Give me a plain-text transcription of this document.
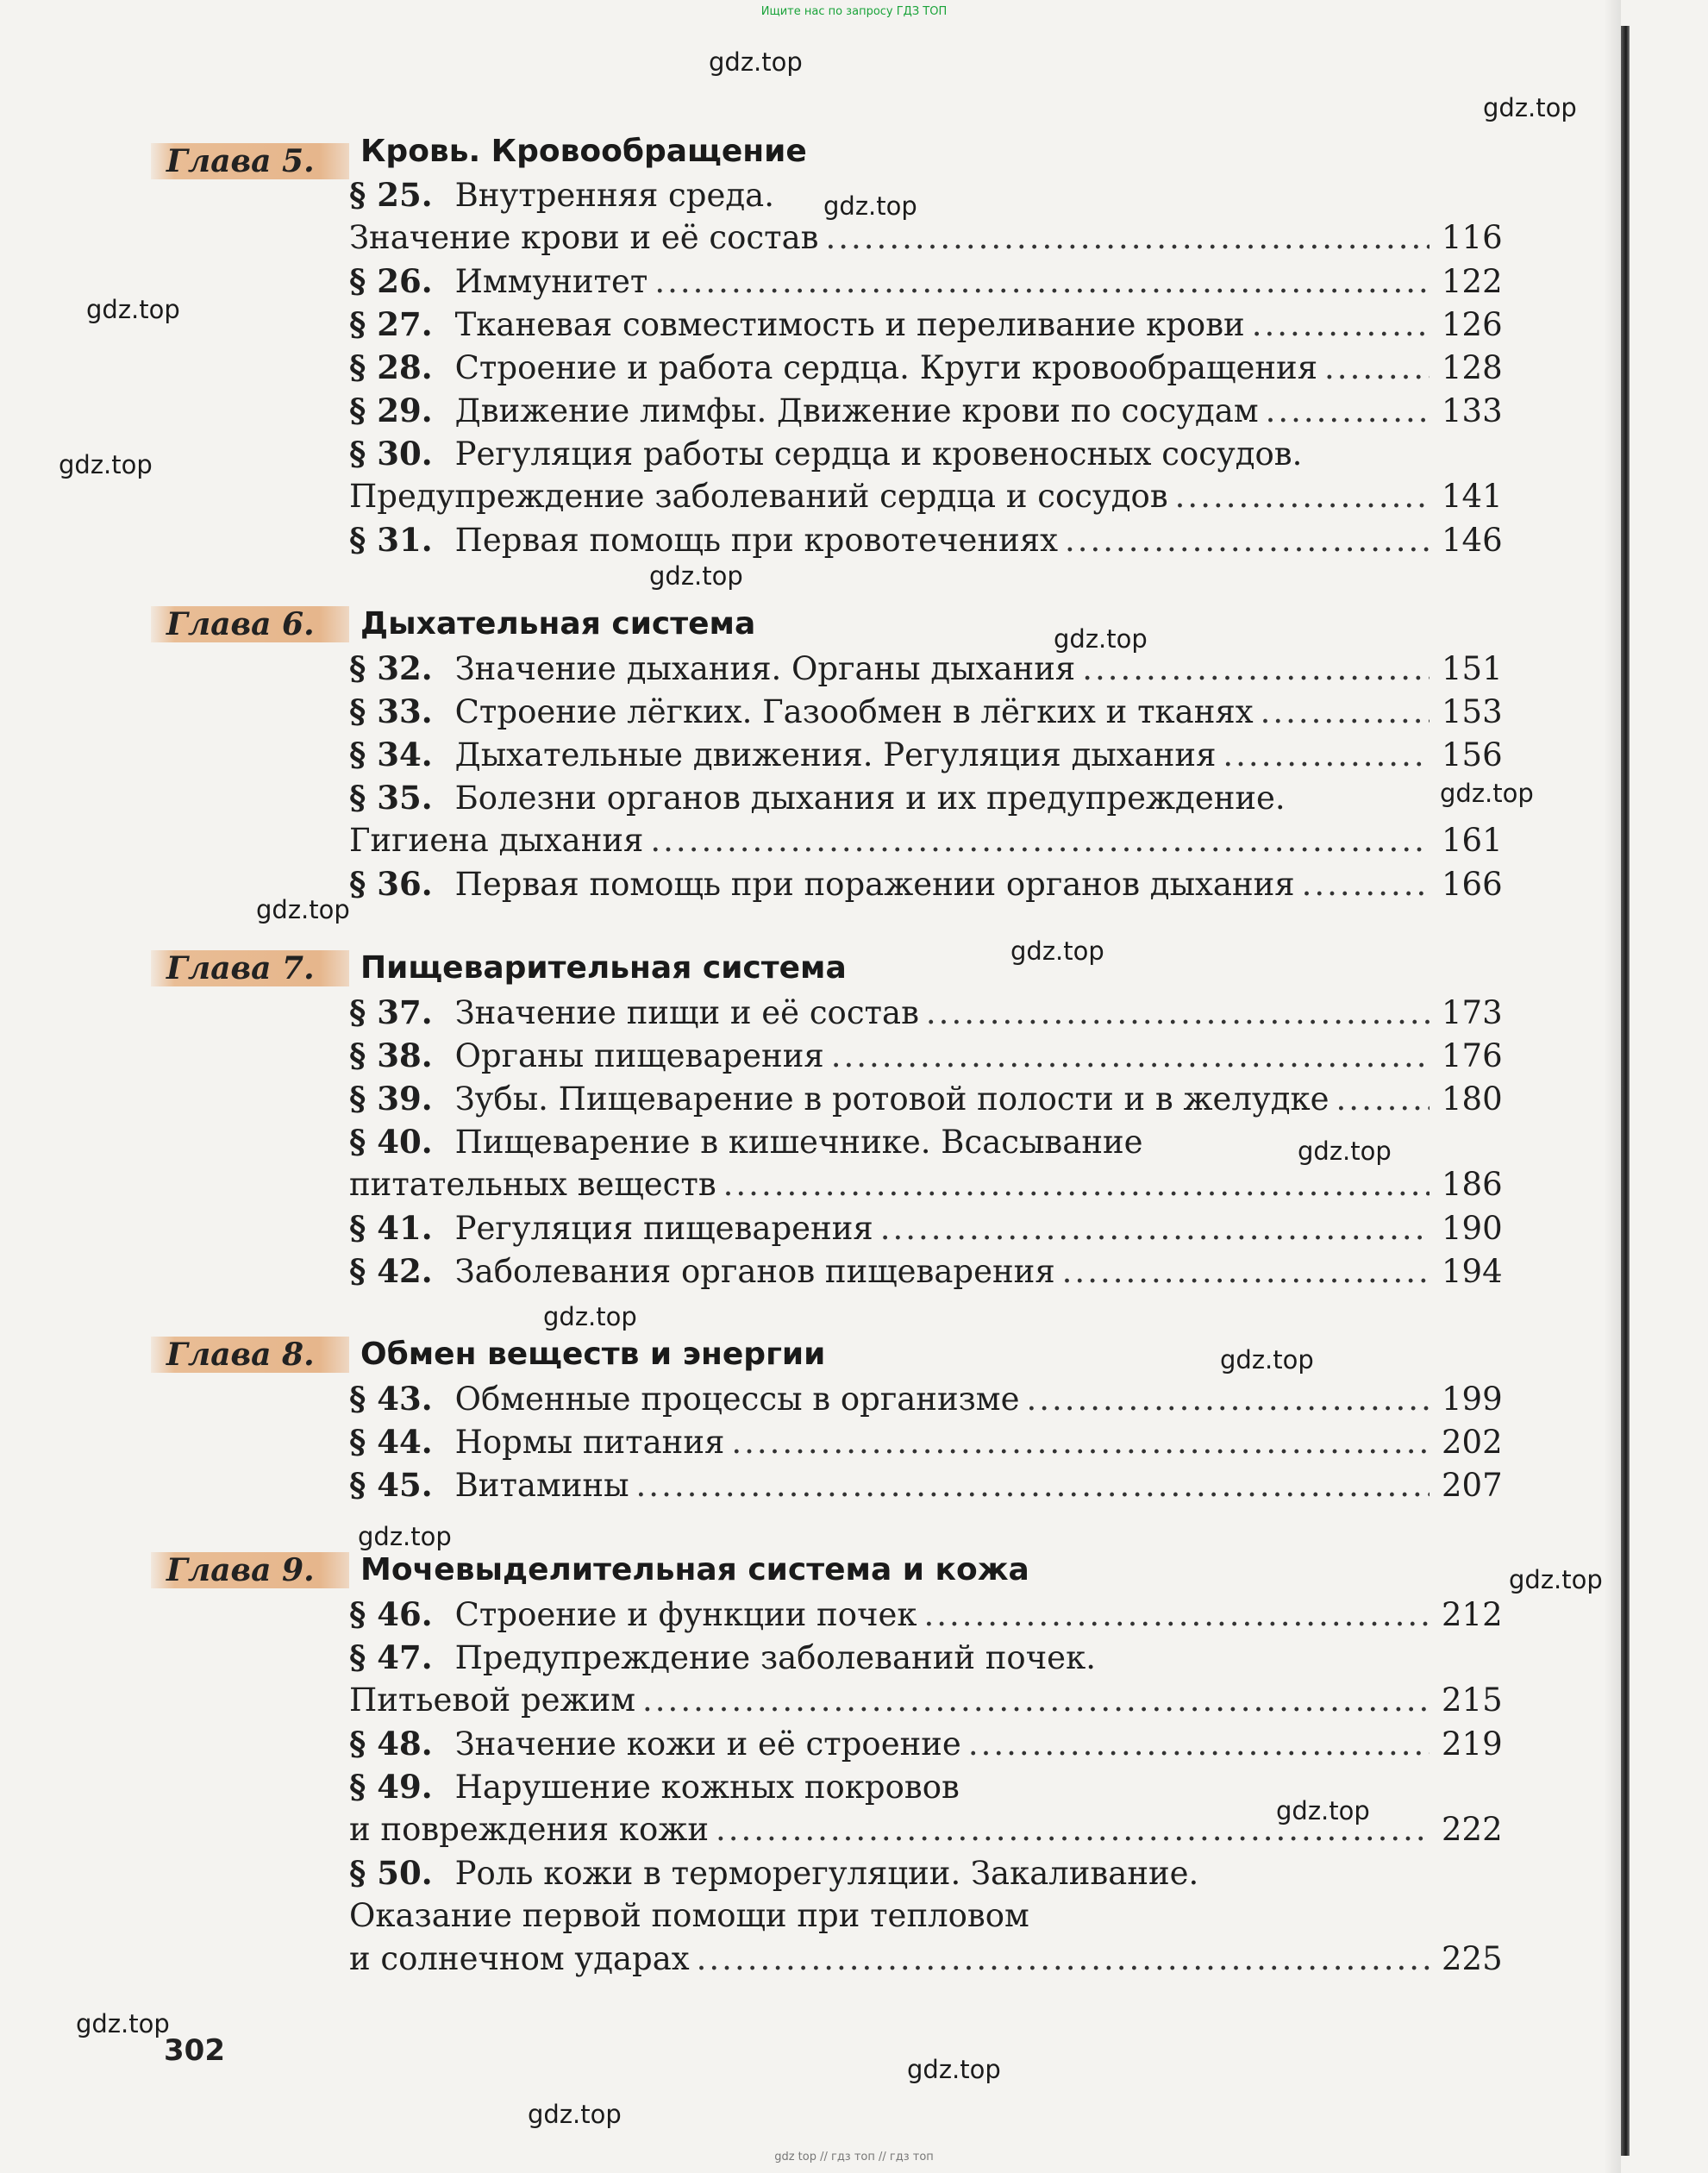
Ищите нас по запросу ГДЗ ТОП
gdz.top
gdz.top
gdz.top
gdz.top
gdz.top
gdz.top
gdz.top
gdz.top
gdz.top
gdz.top
gdz.top
gdz.top
gdz.top
gdz.top
gdz.top
gdz.top
gdz.top
gdz.top
gdz.top
Глава 5.	Кровь. Кровообращение
§ 25. Внутренняя среда.
Значение крови и её состав .....	116
§ 26. Иммунитет .....	122
§ 27. Тканевая совместимость и переливание крови .....	126
§ 28. Строение и работа сердца. Круги кровообращения .....	128
§ 29. Движение лимфы. Движение крови по сосудам .....	133
§ 30. Регуляция работы сердца и кровеносных сосудов.
Предупреждение заболеваний сердца и сосудов .....	141
§ 31. Первая помощь при кровотечениях .....	146
Глава 6.	Дыхательная система
§ 32. Значение дыхания. Органы дыхания .....	151
§ 33. Строение лёгких. Газообмен в лёгких и тканях .....	153
§ 34. Дыхательные движения. Регуляция дыхания .....	156
§ 35. Болезни органов дыхания и их предупреждение.
Гигиена дыхания .....	161
§ 36. Первая помощь при поражении органов дыхания .....	166
Глава 7.	Пищеварительная система
§ 37. Значение пищи и её состав .....	173
§ 38. Органы пищеварения .....	176
§ 39. Зубы. Пищеварение в ротовой полости и в желудке .....	180
§ 40. Пищеварение в кишечнике. Всасывание
питательных веществ .....	186
§ 41. Регуляция пищеварения .....	190
§ 42. Заболевания органов пищеварения .....	194
Глава 8.	Обмен веществ и энергии
§ 43. Обменные процессы в организме .....	199
§ 44. Нормы питания .....	202
§ 45. Витамины .....	207
Глава 9.	Мочевыделительная система и кожа
§ 46. Строение и функции почек .....	212
§ 47. Предупреждение заболеваний почек.
Питьевой режим .....	215
§ 48. Значение кожи и её строение .....	219
§ 49. Нарушение кожных покровов
и повреждения кожи .....	222
§ 50. Роль кожи в терморегуляции. Закаливание.
Оказание первой помощи при тепловом
и солнечном ударах .....	225
302
gdz top // гдз топ // гдз топ
